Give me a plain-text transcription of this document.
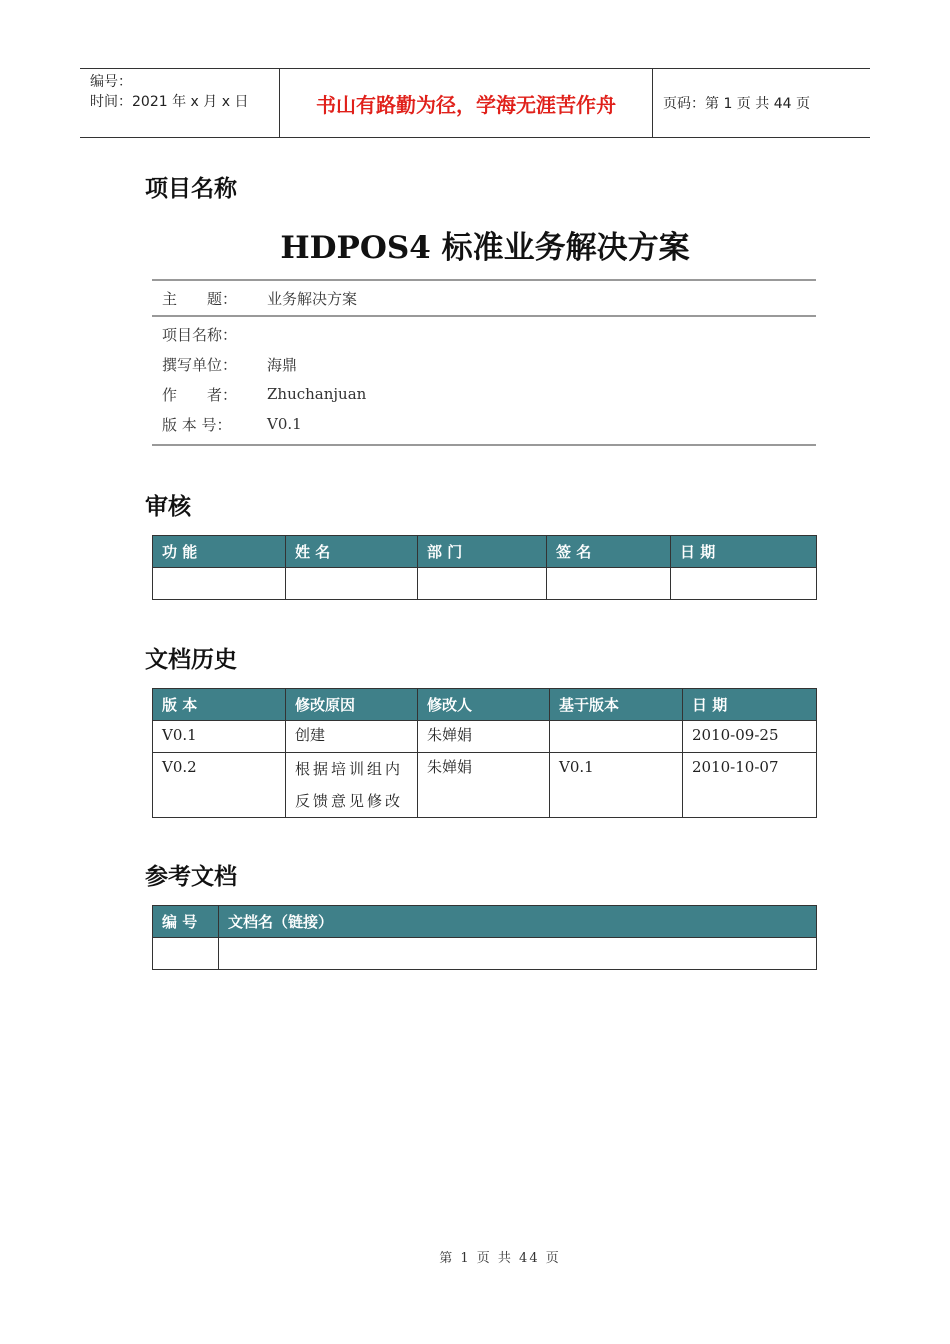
编号：
时间：2021 年 x 月 x 日	书山有路勤为径，学海无涯苦作舟	页码：第 1 页 共 44 页
项目名称
HDPOS4 标准业务解决方案
主　　题：	业务解决方案
项目名称：
撰写单位：	海鼎
作　　者：	Zhuchanjuan
版 本 号：	V0.1
审核
功 能	姓 名	部 门	签 名	日 期

文档历史
版 本	修改原因	修改人	基于版本	日 期
V0.1	创建	朱婵娟		2010-09-25
V0.2	根据培训组内反馈意见修改	朱婵娟	V0.1	2010-10-07
参考文档
编 号	文档名（链接）

第 1 页 共 44 页
